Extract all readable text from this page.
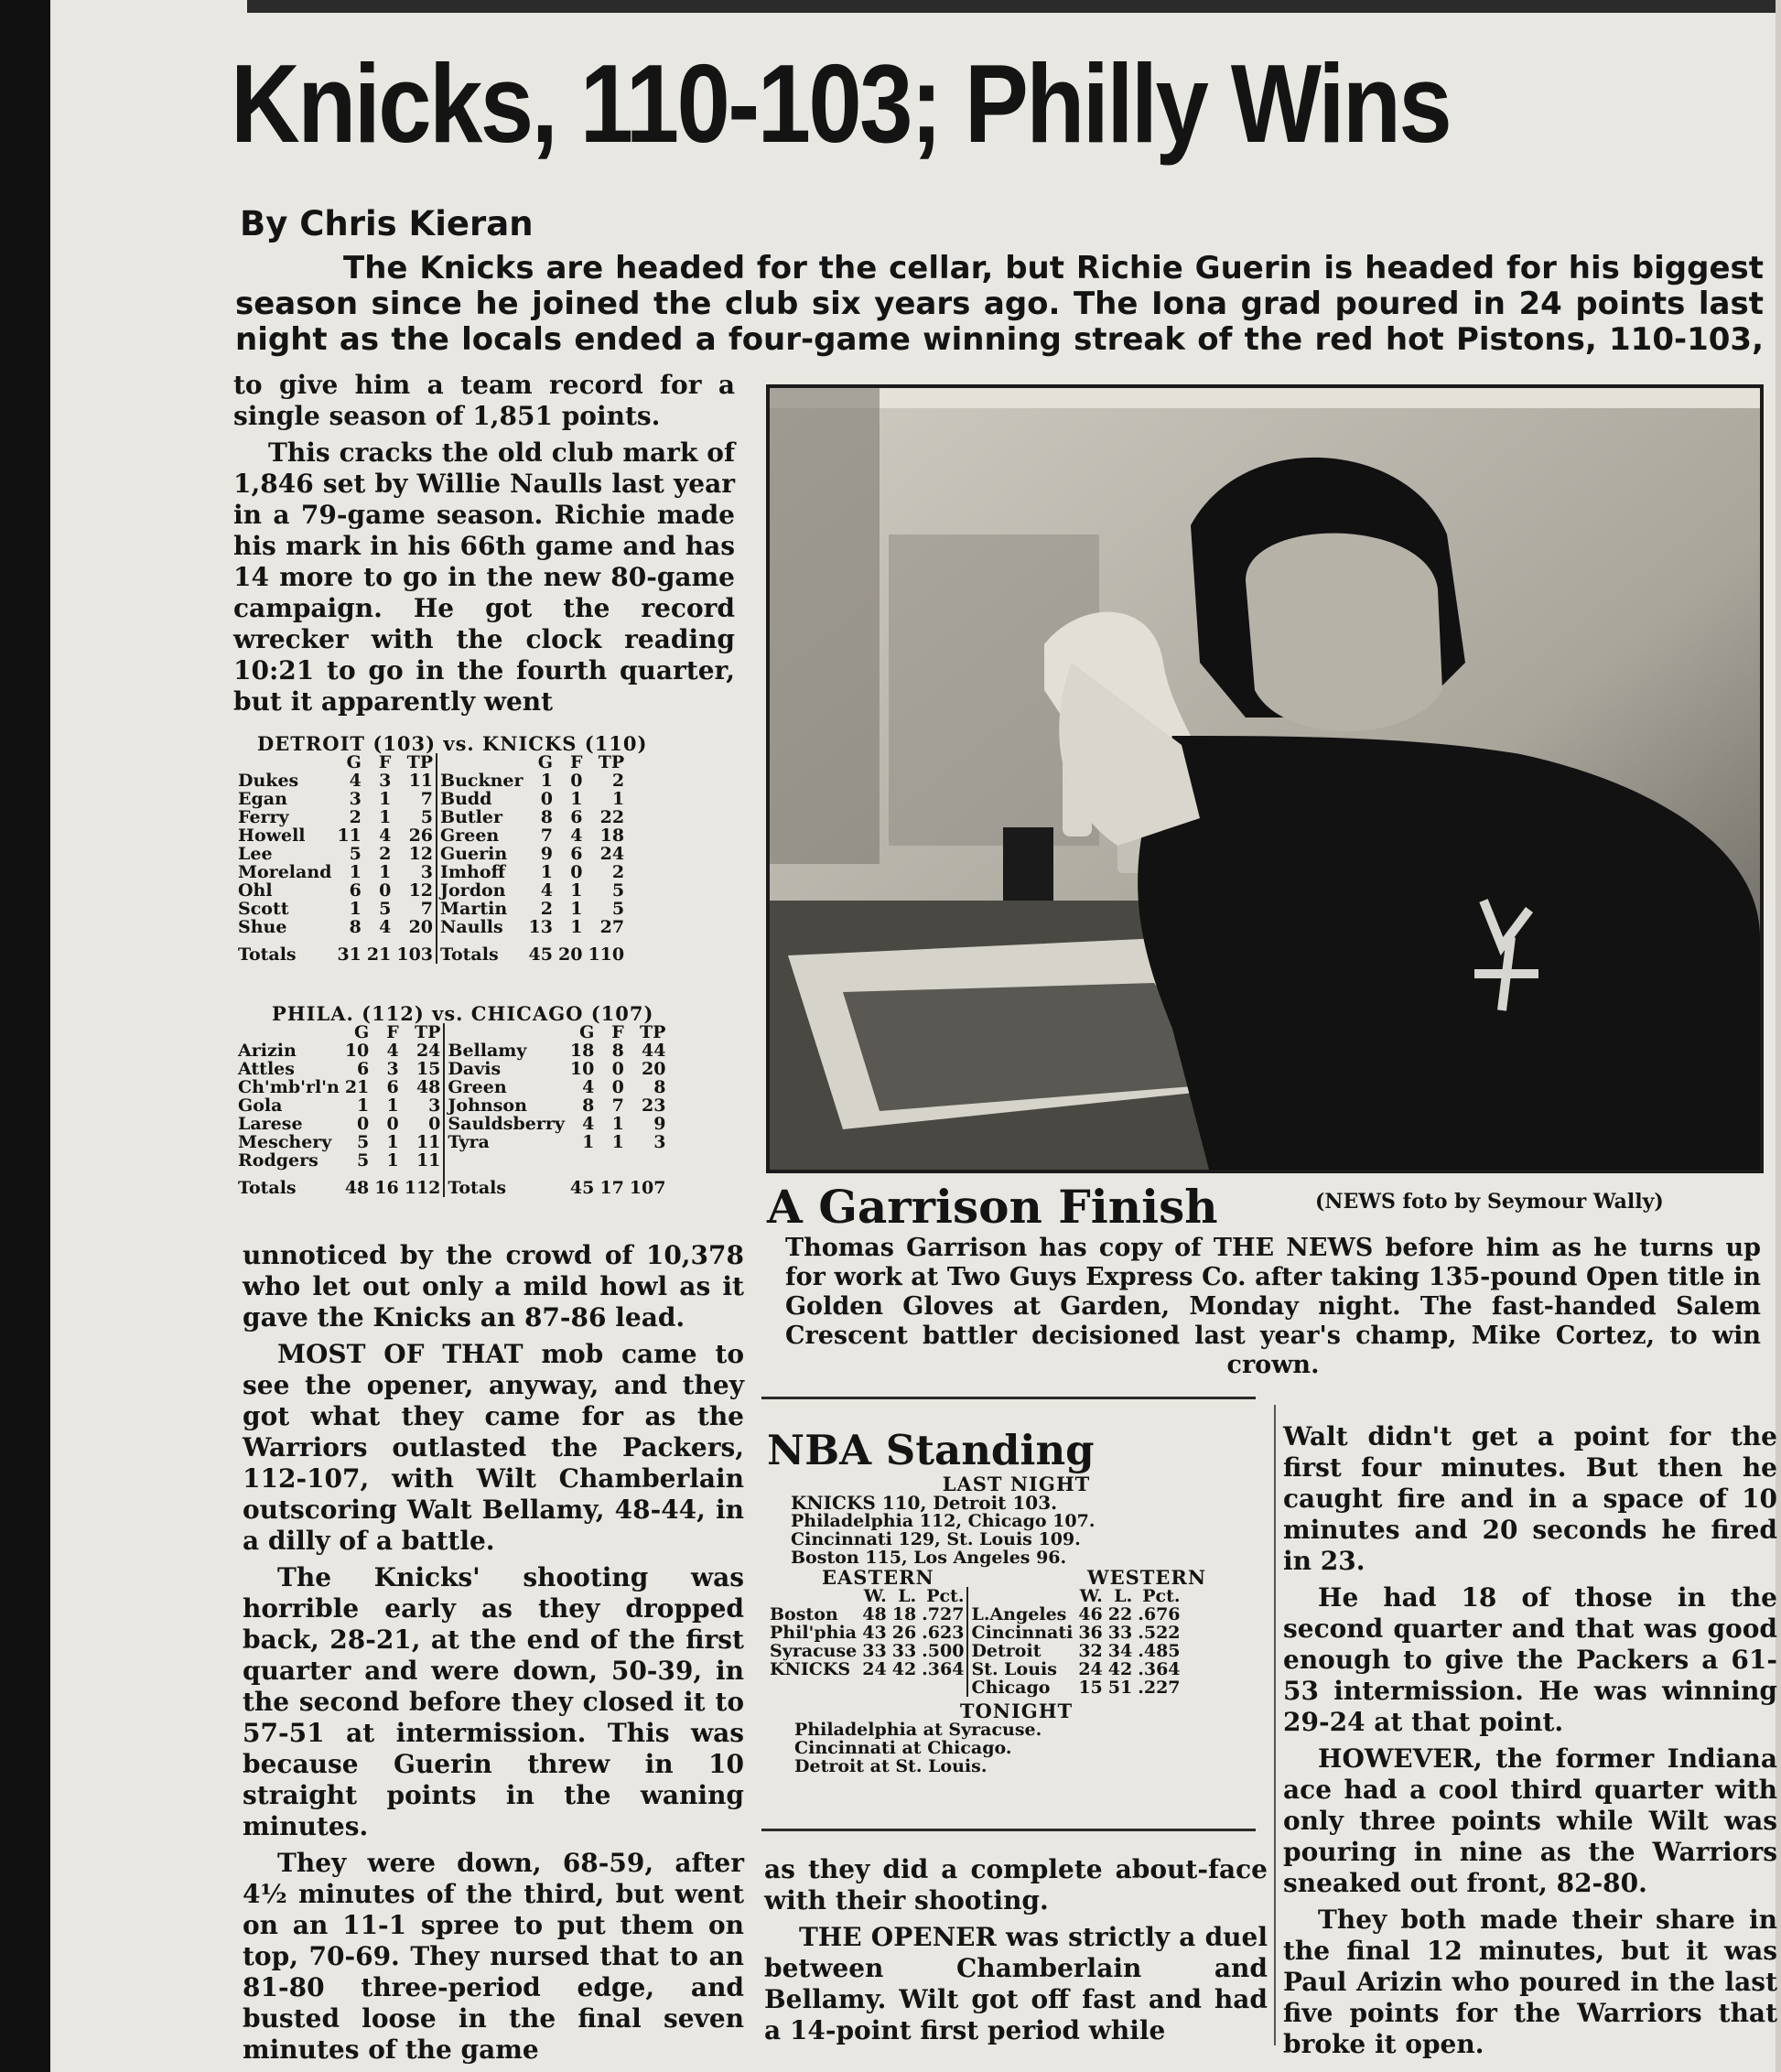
Knicks, 110-103; Philly Wins
By Chris Kieran
The Knicks are headed for the cellar, but Richie Guerin is headed for his biggest season since he joined the club six years ago. The Iona grad poured in 24 points last night as the locals ended a four-game winning streak of the red hot Pistons, 110-103,

to give him a team record for a single season of 1,851 points.

This cracks the old club mark of 1,846 set by Willie Naulls last year in a 79-game season. Richie made his mark in his 66th game and has 14 more to go in the new 80-game campaign. He got the record wrecker with the clock reading 10:21 to go in the fourth quarter, but it apparently went

DETROIT (103) vs. KNICKS (110)
	G	F	TP		G	F	TP
Dukes	4	3	11	Buckner	1	0	2
Egan	3	1	7	Budd	0	1	1
Ferry	2	1	5	Butler	8	6	22
Howell	11	4	26	Green	7	4	18
Lee	5	2	12	Guerin	9	6	24
Moreland	1	1	3	Imhoff	1	0	2
Ohl	6	0	12	Jordon	4	1	5
Scott	1	5	7	Martin	2	1	5
Shue	8	4	20	Naulls	13	1	27
Totals	31	21	103	Totals	45	20	110
PHILA. (112) vs. CHICAGO (107)
	G	F	TP		G	F	TP
Arizin	10	4	24	Bellamy	18	8	44
Attles	6	3	15	Davis	10	0	20
Ch'mb'rl'n	21	6	48	Green	4	0	8
Gola	1	1	3	Johnson	8	7	23
Larese	0	0	0	Sauldsberry	4	1	9
Meschery	5	1	11	Tyra	1	1	3
Rodgers	5	1	11				
Totals	48	16	112	Totals	45	17	107

unnoticed by the crowd of 10,378 who let out only a mild howl as it gave the Knicks an 87-86 lead.

MOST OF THAT mob came to see the opener, anyway, and they got what they came for as the Warriors outlasted the Packers, 112-107, with Wilt Chamberlain outscoring Walt Bellamy, 48-44, in a dilly of a battle.

The Knicks' shooting was horrible early as they dropped back, 28-21, at the end of the first quarter and were down, 50-39, in the second before they closed it to 57-51 at intermission. This was because Guerin threw in 10 straight points in the waning minutes.

They were down, 68-59, after 4½ minutes of the third, but went on an 11-1 spree to put them on top, 70-69. They nursed that to an 81-80 three-period edge, and busted loose in the final seven minutes of the game

A Garrison Finish	(NEWS foto by Seymour Wally)
Thomas Garrison has copy of THE NEWS before him as he turns up for work at Two Guys Express Co. after taking 135-pound Open title in Golden Gloves at Garden, Monday night. The fast-handed Salem Crescent battler decisioned last year's champ, Mike Cortez, to win crown.
NBA Standing
LAST NIGHT
KNICKS 110, Detroit 103.
Philadelphia 112, Chicago 107.
Cincinnati 129, St. Louis 109.
Boston 115, Los Angeles 96.
EASTERN	WESTERN
	W.	L.	Pct.		W.	L.	Pct.
Boston	48	18	.727	L.Angeles	46	22	.676
Phil'phia	43	26	.623	Cincinnati	36	33	.522
Syracuse	33	33	.500	Detroit	32	34	.485
KNICKS	24	42	.364	St. Louis	24	42	.364
				Chicago	15	51	.227
TONIGHT
Philadelphia at Syracuse.
Cincinnati at Chicago.
Detroit at St. Louis.

as they did a complete about-face with their shooting.

THE OPENER was strictly a duel between Chamberlain and Bellamy. Wilt got off fast and had a 14-point first period while

Walt didn't get a point for the first four minutes. But then he caught fire and in a space of 10 minutes and 20 seconds he fired in 23.

He had 18 of those in the second quarter and that was good enough to give the Packers a 61-53 intermission. He was winning 29-24 at that point.

HOWEVER, the former Indiana ace had a cool third quarter with only three points while Wilt was pouring in nine as the Warriors sneaked out front, 82-80.

They both made their share in the final 12 minutes, but it was Paul Arizin who poured in the last five points for the Warriors that broke it open.
